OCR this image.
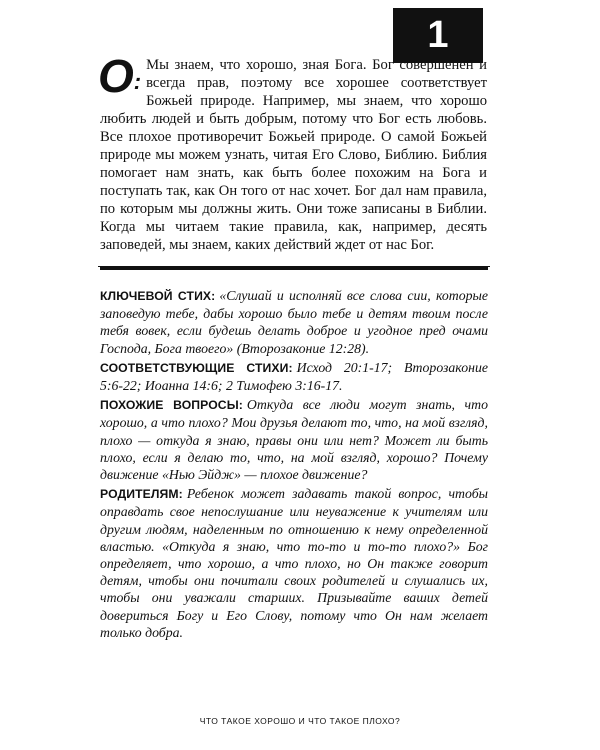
1
О:
Мы знаем, что хорошо, зная Бога. Бог совершенен и всегда прав, поэтому все хорошее соответствует Божьей природе. Например, мы знаем, что хорошо любить людей и быть добрым, потому что Бог есть любовь. Все плохое противоречит Божьей природе. О самой Божьей природе мы можем узнать, читая Его Слово, Библию. Библия помогает нам знать, как быть более похожим на Бога и поступать так, как Он того от нас хочет. Бог дал нам правила, по которым мы должны жить. Они тоже записаны в Библии. Когда мы читаем такие правила, как, например, десять заповедей, мы знаем, каких действий ждет от нас Бог.

КЛЮЧЕВОЙ СТИХ: «Слушай и исполняй все слова сии, которые заповедую тебе, дабы хорошо было тебе и детям твоим после тебя вовек, если будешь делать доброе и угодное пред очами Господа, Бога твоего» (Второзаконие 12:28).

СООТВЕТСТВУЮЩИЕ СТИХИ: Исход 20:1-17; Второзаконие 5:6-22; Иоанна 14:6; 2 Тимофею 3:16-17.

ПОХОЖИЕ ВОПРОСЫ: Откуда все люди могут знать, что хорошо, а что плохо? Мои друзья делают то, что, на мой взгляд, плохо — откуда я знаю, правы они или нет? Может ли быть плохо, если я делаю то, что, на мой взгляд, хорошо? Почему движение «Нью Эйдж» — плохое движение?

РОДИТЕЛЯМ: Ребенок может задавать такой вопрос, чтобы оправдать свое непослушание или неуважение к учителям или другим людям, наделенным по отношению к нему определенной властью. «Откуда я знаю, что то-то и то-то плохо?» Бог определяет, что хорошо, а что плохо, но Он также говорит детям, чтобы они почитали своих родителей и слушались их, чтобы они уважали старших. Призывайте ваших детей довериться Богу и Его Слову, потому что Он нам желает только добра.

ЧТО ТАКОЕ ХОРОШО И ЧТО ТАКОЕ ПЛОХО?
